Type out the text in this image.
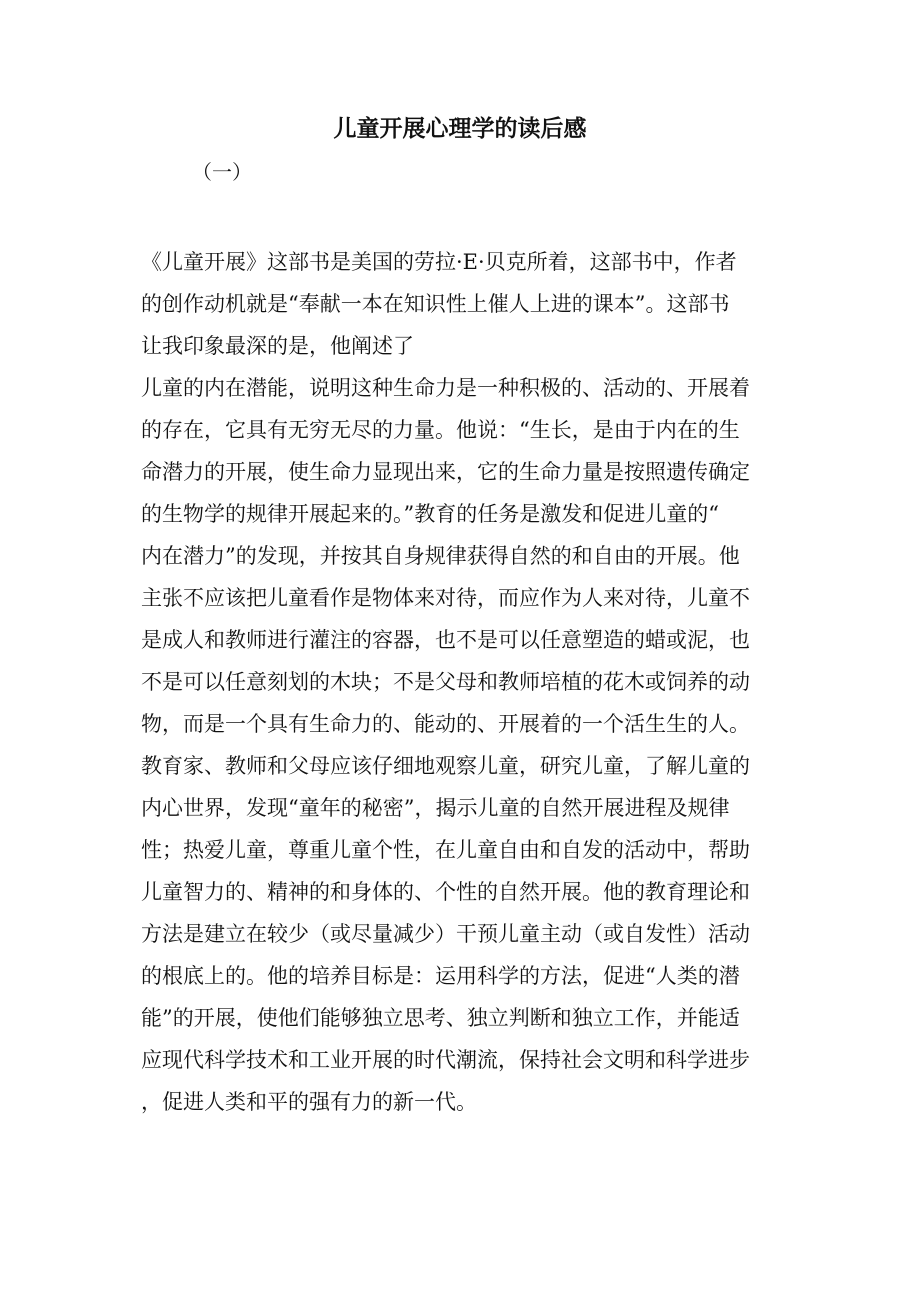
儿童开展心理学的读后感
（一）
《儿童开展》这部书是美国的劳拉·E·贝克所着，这部书中，作者
的创作动机就是“奉献一本在知识性上催人上进的课本”。这部书
让我印象最深的是，他阐述了
儿童的内在潜能，说明这种生命力是一种积极的、活动的、开展着
的存在，它具有无穷无尽的力量。他说：“生长，是由于内在的生
命潜力的开展，使生命力显现出来，它的生命力量是按照遗传确定
的生物学的规律开展起来的。”教育的任务是激发和促进儿童的“
内在潜力”的发现，并按其自身规律获得自然的和自由的开展。他
主张不应该把儿童看作是物体来对待，而应作为人来对待，儿童不
是成人和教师进行灌注的容器，也不是可以任意塑造的蜡或泥，也
不是可以任意刻划的木块；不是父母和教师培植的花木或饲养的动
物，而是一个具有生命力的、能动的、开展着的一个活生生的人。
教育家、教师和父母应该仔细地观察儿童，研究儿童，了解儿童的
内心世界，发现“童年的秘密”，揭示儿童的自然开展进程及规律
性；热爱儿童，尊重儿童个性，在儿童自由和自发的活动中，帮助
儿童智力的、精神的和身体的、个性的自然开展。他的教育理论和
方法是建立在较少（或尽量减少）干预儿童主动（或自发性）活动
的根底上的。他的培养目标是：运用科学的方法，促进“人类的潜
能”的开展，使他们能够独立思考、独立判断和独立工作，并能适
应现代科学技术和工业开展的时代潮流，保持社会文明和科学进步
，促进人类和平的强有力的新一代。
